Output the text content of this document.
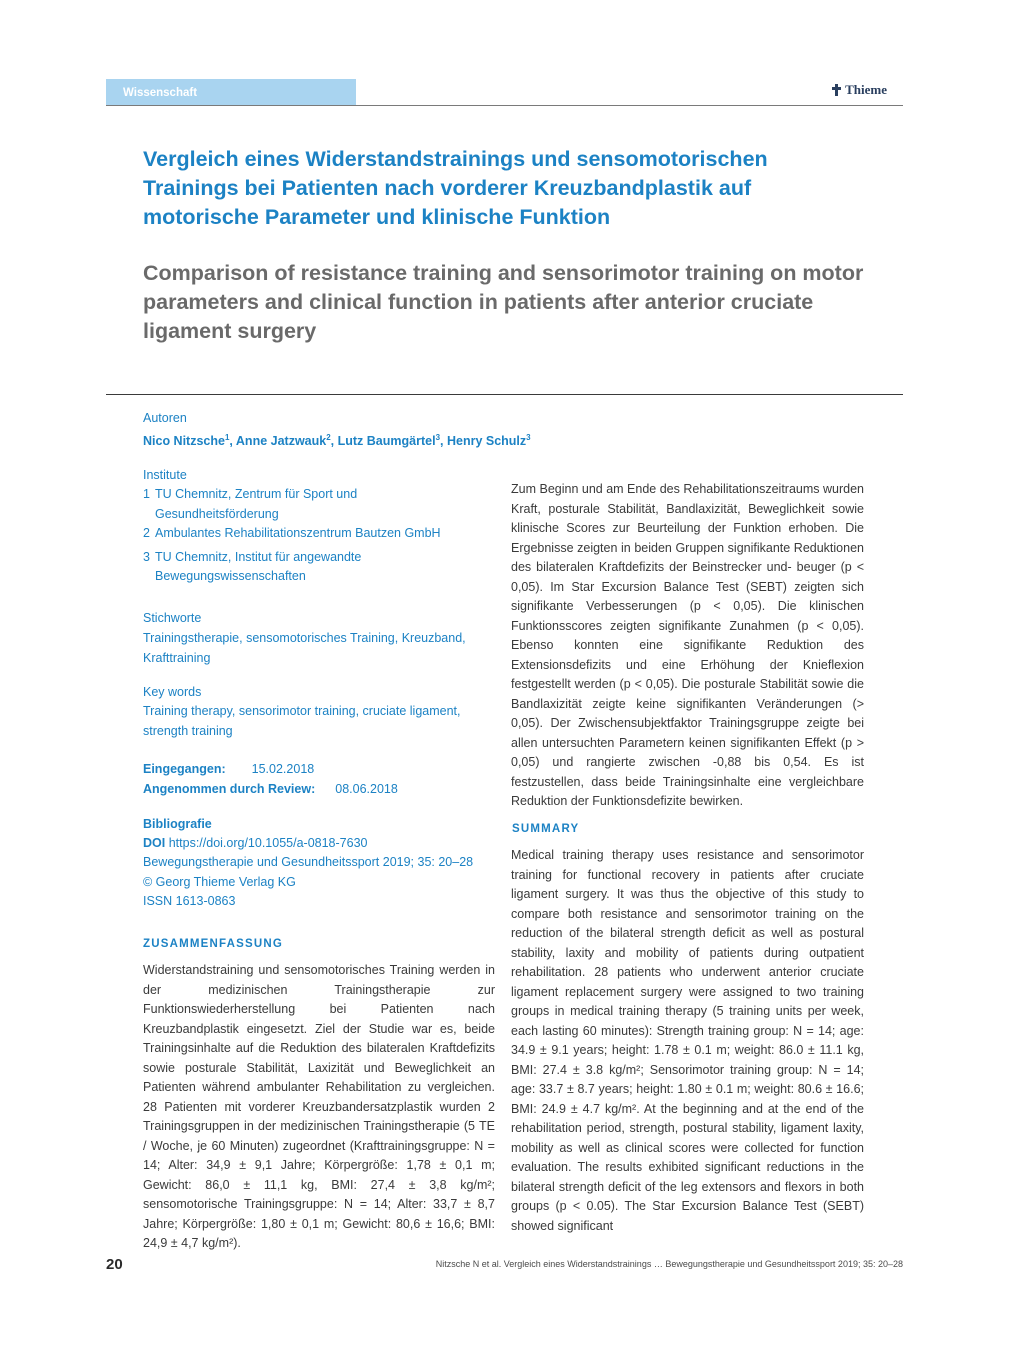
Wissenschaft	Thieme
Vergleich eines Widerstandstrainings und sensomotorischen Trainings bei Patienten nach vorderer Kreuzbandplastik auf motorische Parameter und klinische Funktion
Comparison of resistance training and sensorimotor training on motor parameters and clinical function in patients after anterior cruciate ligament surgery
Autoren
Nico Nitzsche$^1$, Anne Jatzwauk$^2$, Lutz Baumgärtel$^3$, Henry Schulz$^3$
Institute
1 TU Chemnitz, Zentrum für Sport und
Gesundheitsförderung
2 Ambulantes Rehabilitationszentrum Bautzen GmbH
3 TU Chemnitz, Institut für angewandte
Bewegungswissenschaften
Stichworte
Trainingstherapie, sensomotorisches Training, Kreuzband, Krafttraining
Key words
Training therapy, sensorimotor training, cruciate ligament, strength training
Eingegangen: 15.02.2018
Angenommen durch Review: 08.06.2018
Bibliografie
DOI https://doi.org/10.1055/a-0818-7630
Bewegungstherapie und Gesundheitssport 2019; 35: 20–28
© Georg Thieme Verlag KG
ISSN 1613-0863
ZUSAMMENFASSUNG
Widerstandstraining und sensomotorisches Training werden in der medizinischen Trainingstherapie zur Funktionswiederherstellung bei Patienten nach Kreuzbandplastik eingesetzt. Ziel der Studie war es, beide Trainingsinhalte auf die Reduktion des bilateralen Kraftdefizits sowie posturale Stabilität, Laxizität und Beweglichkeit an Patienten während ambulanter Rehabilitation zu vergleichen. 28 Patienten mit vorderer Kreuzbandersatzplastik wurden 2 Trainingsgruppen in der medizinischen Trainingstherapie (5 TE / Woche, je 60 Minuten) zugeordnet (Krafttrainingsgruppe: N = 14; Alter: 34,9 ± 9,1 Jahre; Körpergröße: 1,78 ± 0,1 m; Gewicht: 86,0 ± 11,1 kg, BMI: 27,4 ± 3,8 kg/m²; sensomotorische Trainingsgruppe: N = 14; Alter: 33,7 ± 8,7 Jahre; Körpergröße: 1,80 ± 0,1 m; Gewicht: 80,6 ± 16,6; BMI: 24,9 ± 4,7 kg/m²).
Zum Beginn und am Ende des Rehabilitationszeitraums wurden Kraft, posturale Stabilität, Bandlaxizität, Beweglichkeit sowie klinische Scores zur Beurteilung der Funktion erhoben. Die Ergebnisse zeigten in beiden Gruppen signifikante Reduktionen des bilateralen Kraftdefizits der Beinstrecker und- beuger (p < 0,05). Im Star Excursion Balance Test (SEBT) zeigten sich signifikante Verbesserungen (p < 0,05). Die klinischen Funktionsscores zeigten signifikante Zunahmen (p < 0,05). Ebenso konnten eine signifikante Reduktion des Extensionsdefizits und eine Erhöhung der Knieflexion festgestellt werden (p < 0,05). Die posturale Stabilität sowie die Bandlaxizität zeigte keine signifikanten Veränderungen (> 0,05). Der Zwischensubjektfaktor Trainingsgruppe zeigte bei allen untersuchten Parametern keinen signifikanten Effekt (p > 0,05) und rangierte zwischen -0,88 bis 0,54. Es ist festzustellen, dass beide Trainingsinhalte eine vergleichbare Reduktion der Funktionsdefizite bewirken.
SUMMARY
Medical training therapy uses resistance and sensorimotor training for functional recovery in patients after cruciate ligament surgery. It was thus the objective of this study to compare both resistance and sensorimotor training on the reduction of the bilateral strength deficit as well as postural stability, laxity and mobility of patients during outpatient rehabilitation. 28 patients who underwent anterior cruciate ligament replacement surgery were assigned to two training groups in medical training therapy (5 training units per week, each lasting 60 minutes): Strength training group: N = 14; age: 34.9 ± 9.1 years; height: 1.78 ± 0.1 m; weight: 86.0 ± 11.1 kg, BMI: 27.4 ± 3.8 kg/m²; Sensorimotor training group: N = 14; age: 33.7 ± 8.7 years; height: 1.80 ± 0.1 m; weight: 80.6 ± 16.6; BMI: 24.9 ± 4.7 kg/m². At the beginning and at the end of the rehabilitation period, strength, postural stability, ligament laxity, mobility as well as clinical scores were collected for function evaluation. The results exhibited significant reductions in the bilateral strength deficit of the leg extensors and flexors in both groups (p < 0.05). The Star Excursion Balance Test (SEBT) showed significant
20	Nitzsche N et al. Vergleich eines Widerstandstrainings … Bewegungstherapie und Gesundheitssport 2019; 35: 20–28
